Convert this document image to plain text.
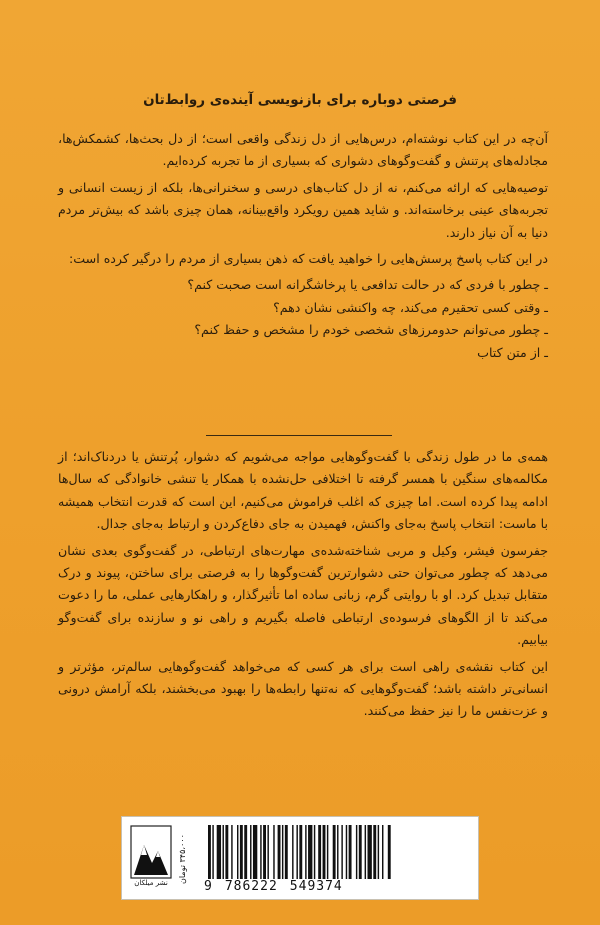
فرصتی دوباره برای بازنویسی آینده‌ی روابط‌تان

آن‌چه در این کتاب نوشته‌ام، درس‌هایی از دل زندگی واقعی است؛ از دل بحث‌ها، کشمکش‌ها، مجادله‌های پرتنش و گفت‌وگوهای دشواری که بسیاری از ما تجربه کرده‌ایم.

توصیه‌هایی که ارائه می‌کنم، نه از دل کتاب‌های درسی و سخنرانی‌ها، بلکه از زیست انسانی و تجربه‌های عینی برخاسته‌اند. و شاید همین رویکرد واقع‌بینانه، همان چیزی باشد که بیش‌تر مردم دنیا به آن نیاز دارند.

در این کتاب پاسخ پرسش‌هایی را خواهید یافت که ذهن بسیاری از مردم را درگیر کرده است:

ـ چطور با فردی که در حالت تدافعی یا پرخاشگرانه است صحبت کنم؟

ـ وقتی کسی تحقیرم می‌کند، چه واکنشی نشان دهم؟

ـ چطور می‌توانم حدومرزهای شخصی خودم را مشخص و حفظ کنم؟

ـ از متن کتاب

همه‌ی ما در طول زندگی با گفت‌وگوهایی مواجه می‌شویم که دشوار، پُرتنش یا دردناک‌اند؛ از مکالمه‌های سنگین با همسر گرفته تا اختلافی حل‌نشده با همکار یا تنشی خانوادگی که سال‌ها ادامه پیدا کرده است. اما چیزی که اغلب فراموش می‌کنیم، این است که قدرت انتخاب همیشه با ماست: انتخاب پاسخ به‌جای واکنش، فهمیدن به جای دفاع‌کردن و ارتباط به‌جای جدال.

جفرسون فیشر، وکیل و مربی شناخته‌شده‌ی مهارت‌های ارتباطی، در گفت‌وگوی بعدی نشان می‌دهد که چطور می‌توان حتی دشوارترین گفت‌وگوها را به فرصتی برای ساختن، پیوند و درک متقابل تبدیل کرد. او با روایتی گرم، زبانی ساده اما تأثیرگذار، و راهکارهایی عملی، ما را دعوت می‌کند تا از الگوهای فرسوده‌ی ارتباطی فاصله بگیریم و راهی نو و سازنده برای گفت‌وگو بیابیم.

این کتاب نقشه‌ی راهی است برای هر کسی که می‌خواهد گفت‌وگوهایی سالم‌تر، مؤثرتر و انسانی‌تر داشته باشد؛ گفت‌وگوهایی که نه‌تنها رابطه‌ها را بهبود می‌بخشند، بلکه آرامش درونی و عزت‌نفس ما را نیز حفظ می‌کنند.

نشر میلکان	۳۴۵،۰۰۰ تومان
9 786222 549374
